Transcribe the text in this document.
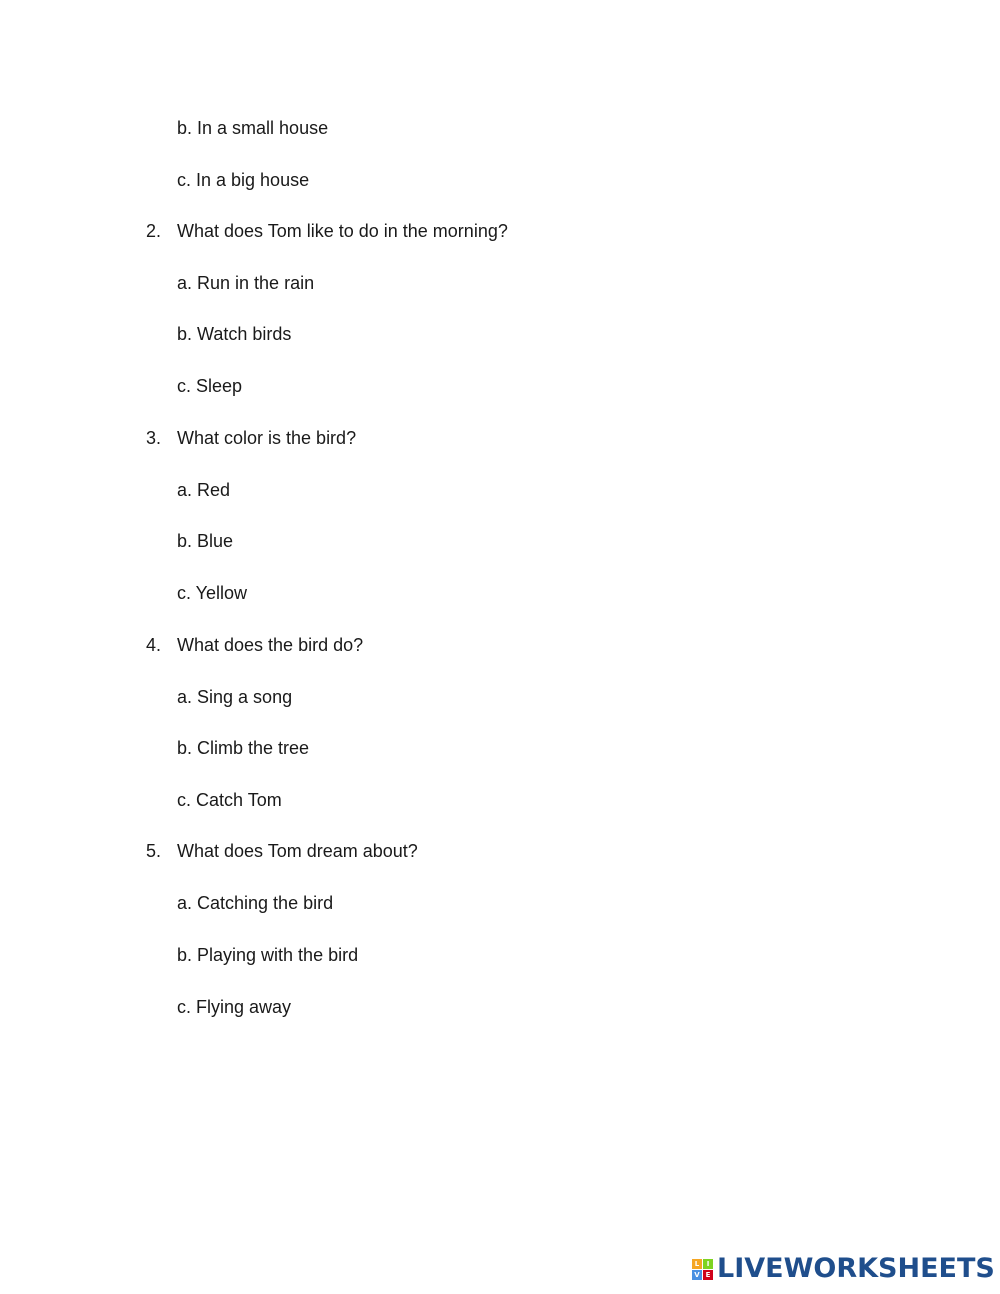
b. In a small house
c. In a big house
2. What does Tom like to do in the morning?
a. Run in the rain
b. Watch birds
c. Sleep
3. What color is the bird?
a. Red
b. Blue
c. Yellow
4. What does the bird do?
a. Sing a song
b. Climb the tree
c. Catch Tom
5. What does Tom dream about?
a. Catching the bird
b. Playing with the bird
c. Flying away
L	I
V E LIVEWORKSHEETS
